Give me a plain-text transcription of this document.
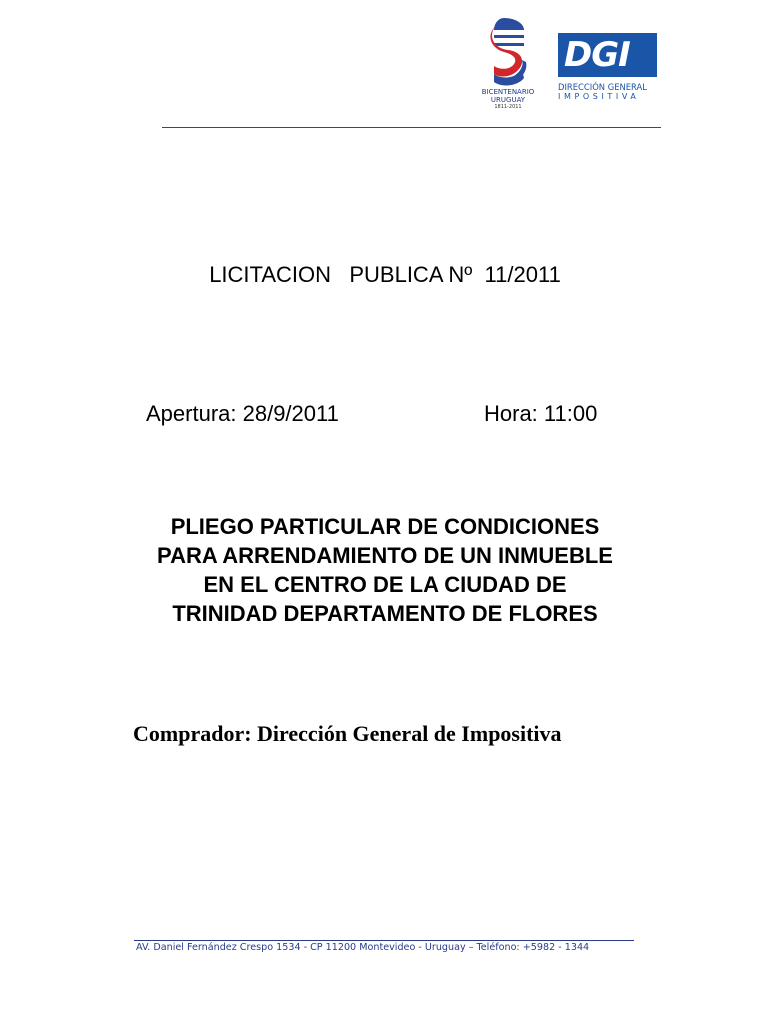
BICENTENARIO
URUGUAY
1811-2011
DGI
DIRECCIÓN GENERAL
IMPOSITIVA
LICITACION   PUBLICA Nº  11/2011
Apertura: 28/9/2011	Hora: 11:00
PLIEGO PARTICULAR DE CONDICIONES
PARA ARRENDAMIENTO DE UN INMUEBLE
EN EL CENTRO DE LA CIUDAD DE
TRINIDAD DEPARTAMENTO DE FLORES
Comprador: Dirección General de Impositiva
AV. Daniel Fernández Crespo 1534 - CP 11200 Montevideo - Uruguay – Teléfono: +5982 - 1344
